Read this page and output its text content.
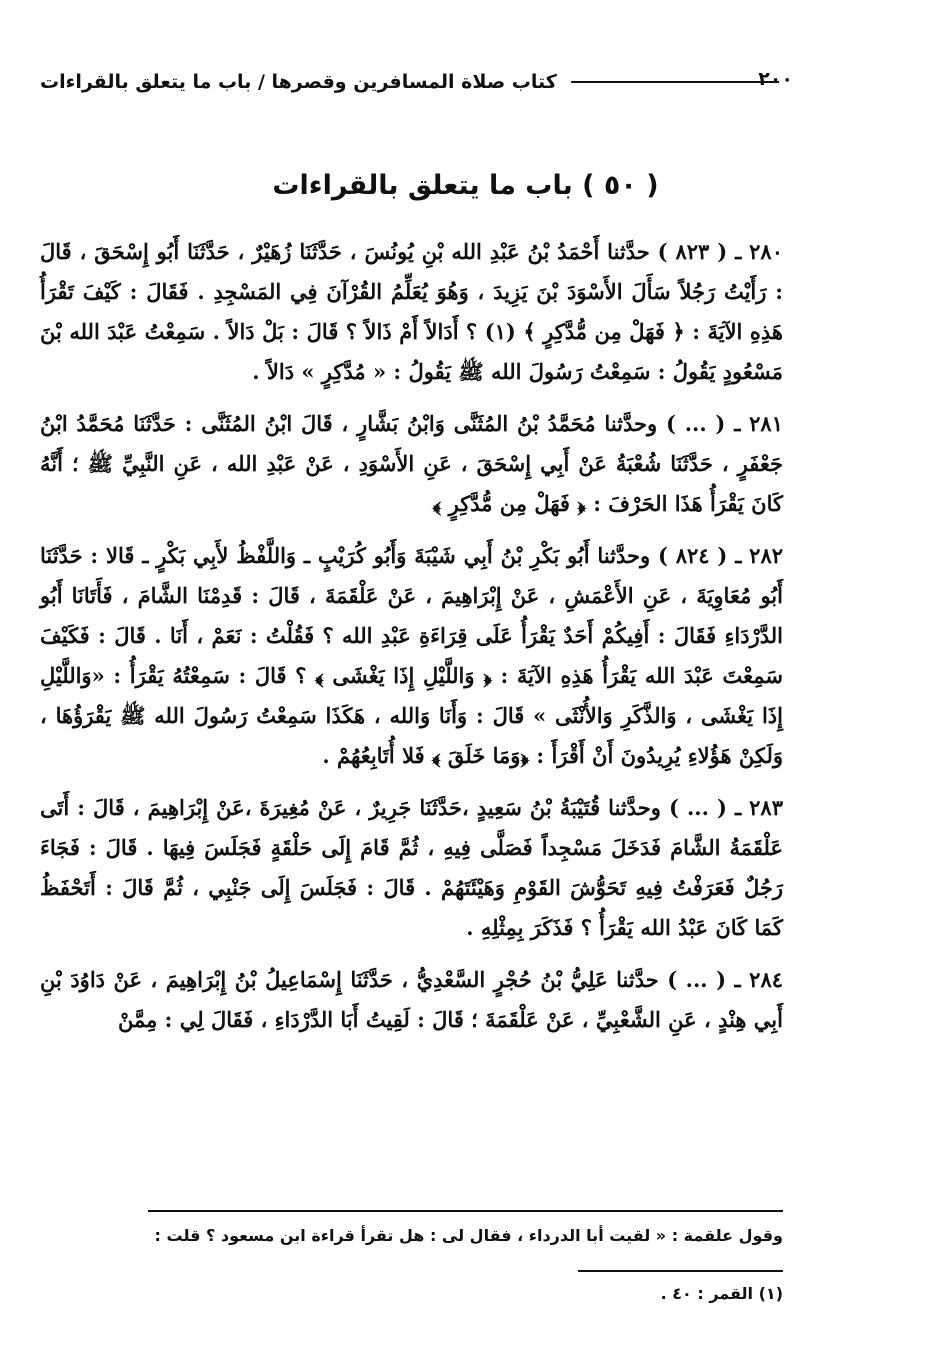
٢٠٠
كتاب صلاة المسافرين وقصرها / باب ما يتعلق بالقراءات
( ٥٠ ) باب ما يتعلق بالقراءات

٢٨٠ ـ ( ٨٢٣ ) حدَّثنا أَحْمَدُ بْنُ عَبْدِ الله بْنِ يُونُسَ ، حَدَّثَنَا زُهَيْرٌ ، حَدَّثَنَا أَبُو إِسْحَقَ ، قَالَ : رَأَيْتُ رَجُلاً سَأَلَ الأَسْوَدَ بْنَ يَزِيدَ ، وَهُوَ يُعَلِّمُ القُرْآنَ فِي المَسْجِدِ . فَقَالَ : كَيْفَ تَقْرَأُ هَذِهِ الآيَةَ : ﴿ فَهَلْ مِن مُّدَّكِرٍ ﴾ (١) ؟ أَدَالاً أَمْ ذَالاً ؟ قَالَ : بَلْ دَالاً . سَمِعْتُ عَبْدَ الله بْنَ مَسْعُودٍ يَقُولُ : سَمِعْتُ رَسُولَ الله ﷺ يَقُولُ : « مُدَّكِرٍ » دَالاً .

٢٨١ ـ ( ... ) وحدَّثنا مُحَمَّدُ بْنُ المُثَنَّى وَابْنُ بَشَّارٍ ، قَالَ ابْنُ المُثَنَّى : حَدَّثَنَا مُحَمَّدُ ابْنُ جَعْفَرٍ ، حَدَّثَنَا شُعْبَةُ عَنْ أَبِي إِسْحَقَ ، عَنِ الأَسْوَدِ ، عَنْ عَبْدِ الله ، عَنِ النَّبِيِّ ﷺ ؛ أَنَّهُ كَانَ يَقْرَأُ هَذَا الحَرْفَ : ﴿ فَهَلْ مِن مُّدَّكِرٍ ﴾

٢٨٢ ـ ( ٨٢٤ ) وحدَّثنا أَبُو بَكْرِ بْنُ أَبِي شَيْبَةَ وَأَبُو كُرَيْبٍ ـ وَاللَّفْظُ لأَبِي بَكْرٍ ـ قَالا : حَدَّثَنَا أَبُو مُعَاوِيَةَ ، عَنِ الأَعْمَشِ ، عَنْ إِبْرَاهِيمَ ، عَنْ عَلْقَمَةَ ، قَالَ : قَدِمْنَا الشَّامَ ، فَأَتَانَا أَبُو الدَّرْدَاءِ فَقَالَ : أَفِيكُمْ أَحَدٌ يَقْرَأُ عَلَى قِرَاءَةِ عَبْدِ الله ؟ فَقُلْتُ : نَعَمْ ، أَنَا . قَالَ : فَكَيْفَ سَمِعْتَ عَبْدَ الله يَقْرَأُ هَذِهِ الآيَةَ : ﴿ وَاللَّيْلِ إِذَا يَغْشَى ﴾ ؟ قَالَ : سَمِعْتُهُ يَقْرَأُ : «وَاللَّيْلِ إِذَا يَغْشَى ، وَالذَّكَرِ وَالأُنْثَى » قَالَ : وَأَنَا وَالله ، هَكَذَا سَمِعْتُ رَسُولَ الله ﷺ يَقْرَؤُهَا ، وَلَكِنْ هَؤُلاءِ يُرِيدُونَ أَنْ أَقْرَأَ : ﴿وَمَا خَلَقَ ﴾ فَلا أُتَابِعُهُمْ .

٢٨٣ ـ ( ... ) وحدَّثنا قُتَيْبَةُ بْنُ سَعِيدٍ ،حَدَّثَنَا جَرِيرٌ ، عَنْ مُغِيرَةَ ،عَنْ إِبْرَاهِيمَ ، قَالَ : أَتَى عَلْقَمَةُ الشَّامَ فَدَخَلَ مَسْجِداً فَصَلَّى فِيهِ ، ثُمَّ قَامَ إِلَى حَلْقَةٍ فَجَلَسَ فِيهَا . قَالَ : فَجَاءَ رَجُلٌ فَعَرَفْتُ فِيهِ تَحَوُّشَ القَوْمِ وَهَيْئَتَهُمْ . قَالَ : فَجَلَسَ إِلَى جَنْبِي ، ثُمَّ قَالَ : أَتَحْفَظُ كَمَا كَانَ عَبْدُ الله يَقْرَأُ ؟ فَذَكَرَ بِمِثْلِهِ .

٢٨٤ ـ ( ... ) حدَّثنا عَلِيُّ بْنُ حُجْرٍ السَّعْدِيُّ ، حَدَّثَنَا إِسْمَاعِيلُ بْنُ إِبْرَاهِيمَ ، عَنْ دَاوُدَ بْنِ أَبِي هِنْدٍ ، عَنِ الشَّعْبِيِّ ، عَنْ عَلْقَمَةَ ؛ قَالَ : لَقِيتُ أَبَا الدَّرْدَاءِ ، فَقَالَ لِي : مِمَّنْ

وقول علقمة : « لقيت أبا الدرداء ، فقال لى : هل تقرأ قراءة ابن مسعود ؟ قلت :
(١) القمر : ٤٠ .
